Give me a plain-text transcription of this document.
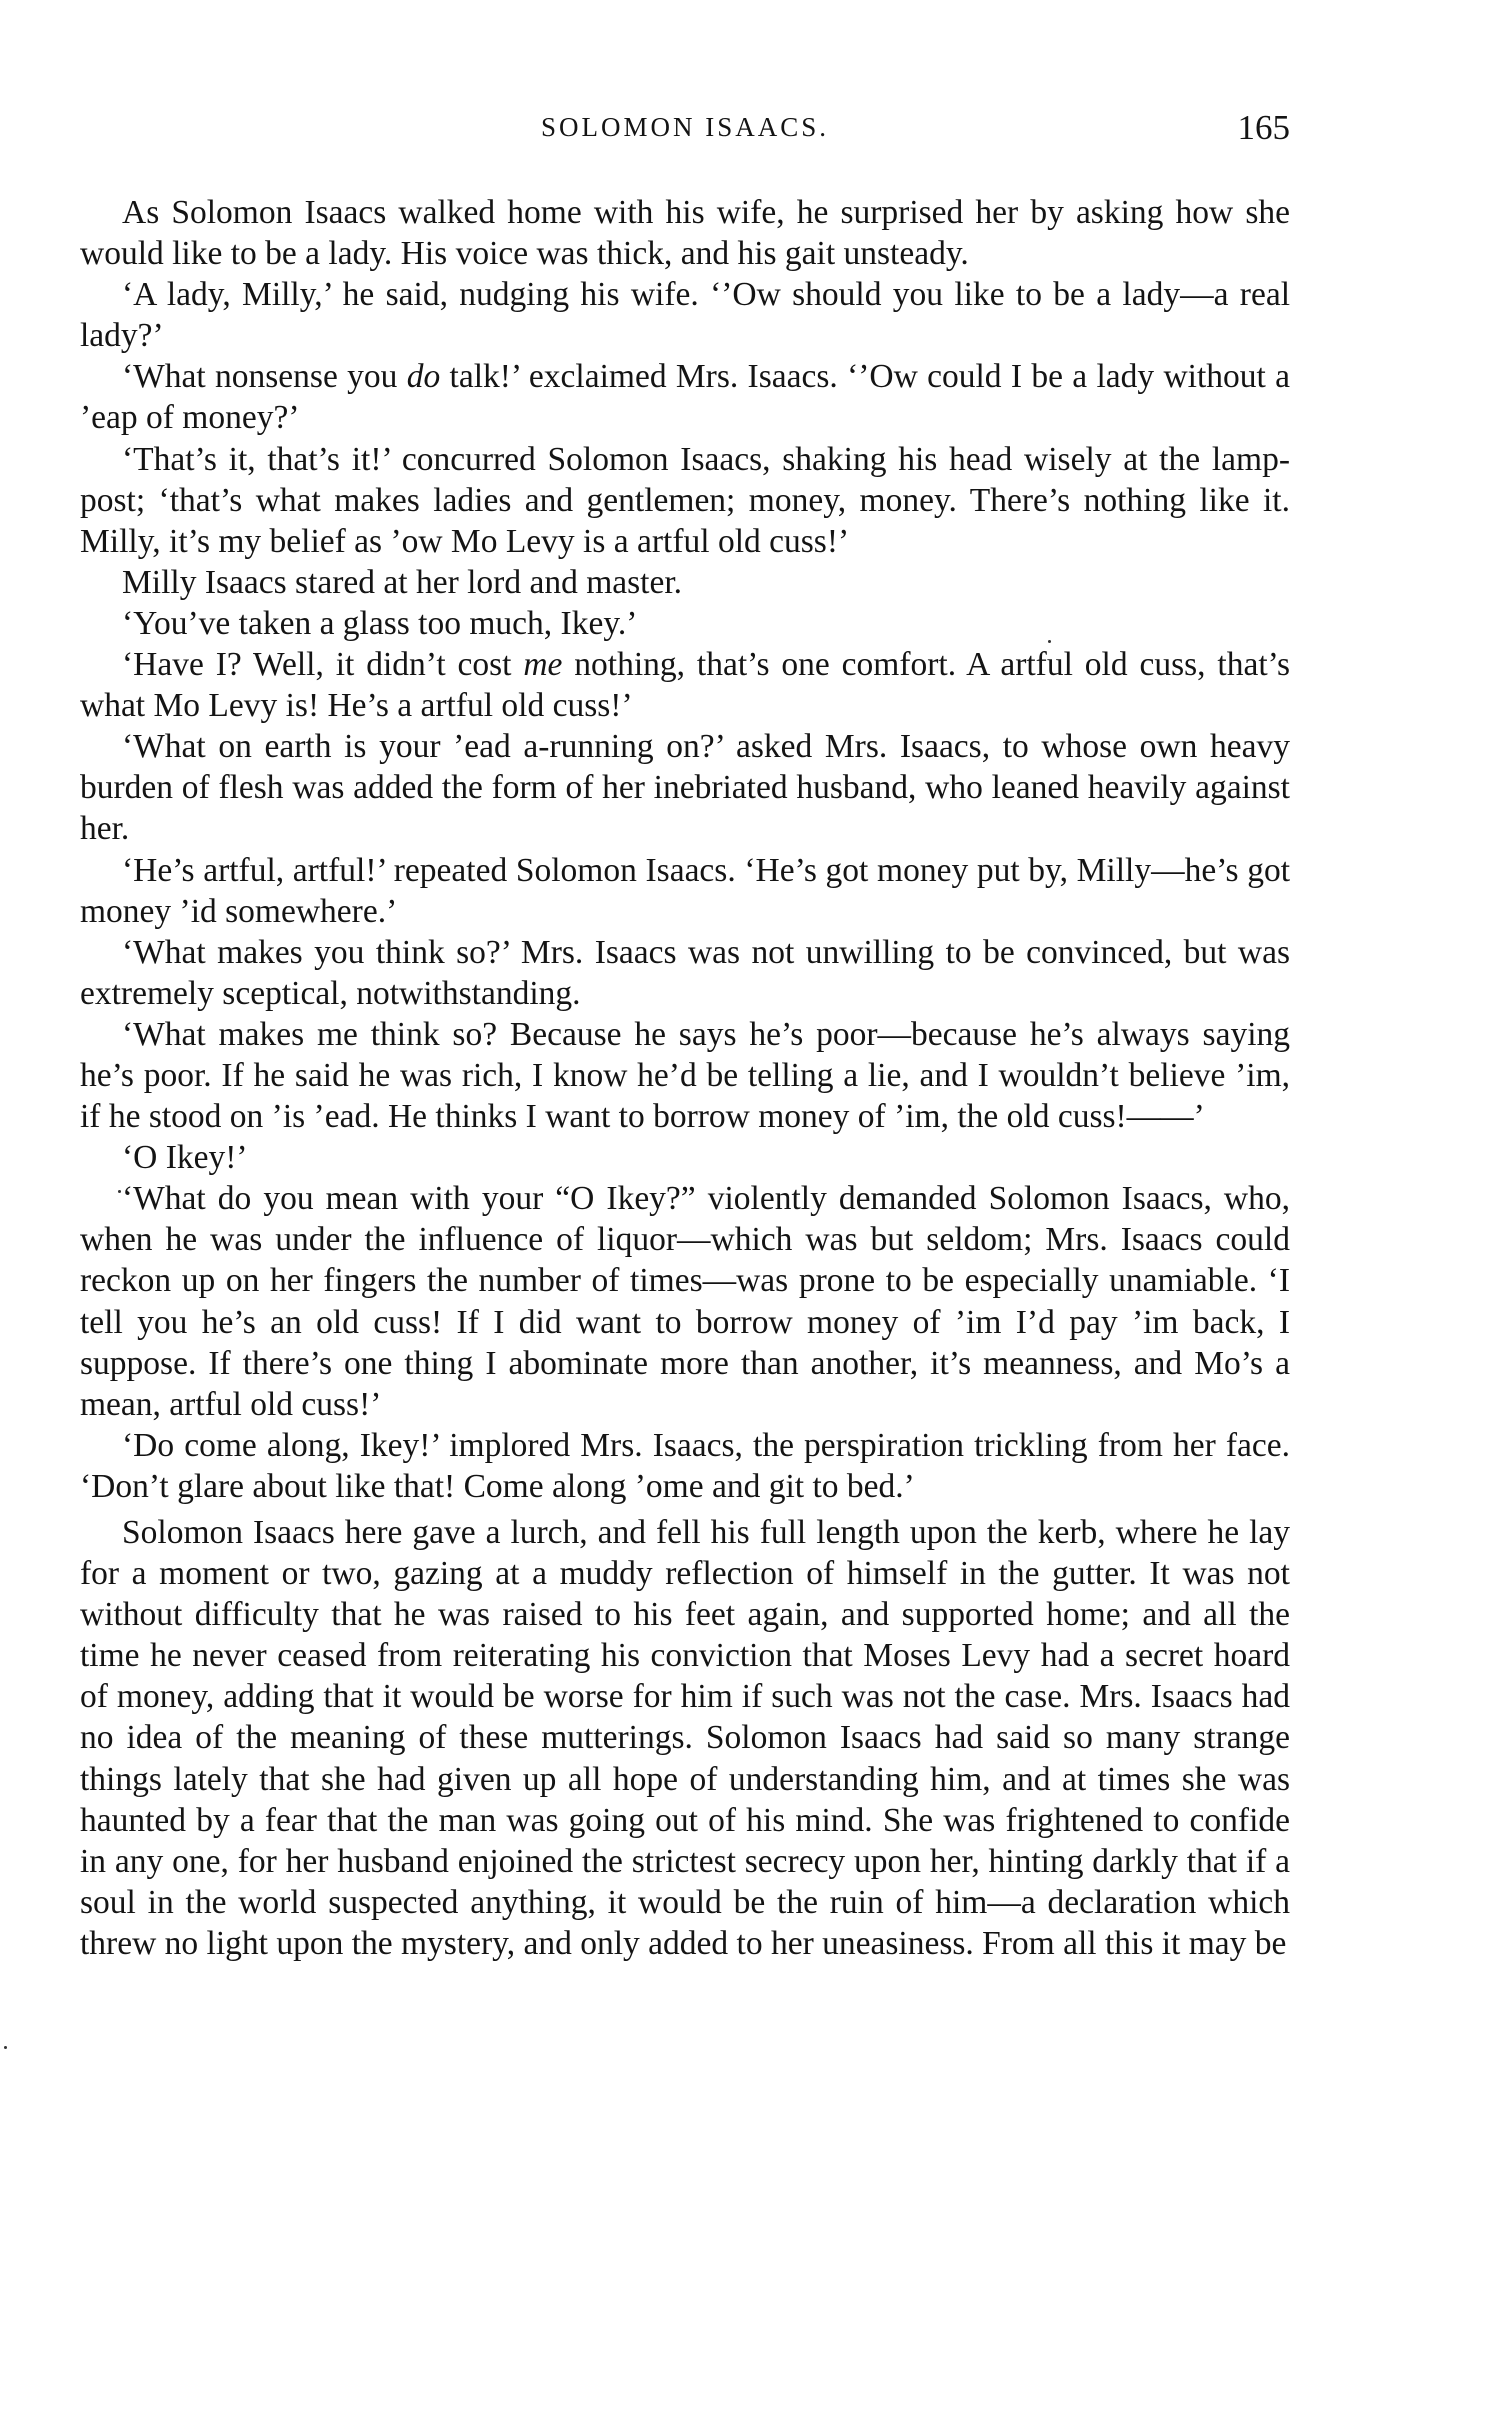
SOLOMON ISAACS.	165

As Solomon Isaacs walked home with his wife, he surprised her by asking how she would like to be a lady. His voice was thick, and his gait unsteady.

‘A lady, Milly,’ he said, nudging his wife. ‘’Ow should you like to be a lady—a real lady?’

‘What nonsense you do talk!’ exclaimed Mrs. Isaacs. ‘’Ow could I be a lady without a ’eap of money?’

‘That’s it, that’s it!’ concurred Solomon Isaacs, shaking his head wisely at the lamp-post; ‘that’s what makes ladies and gentlemen; money, money. There’s nothing like it. Milly, it’s my belief as ’ow Mo Levy is a artful old cuss!’

Milly Isaacs stared at her lord and master.

‘You’ve taken a glass too much, Ikey.’

‘Have I? Well, it didn’t cost me nothing, that’s one comfort. A artful old cuss, that’s what Mo Levy is! He’s a artful old cuss!’

‘What on earth is your ’ead a-running on?’ asked Mrs. Isaacs, to whose own heavy burden of flesh was added the form of her inebriated husband, who leaned heavily against her.

‘He’s artful, artful!’ repeated Solomon Isaacs. ‘He’s got money put by, Milly—he’s got money ’id somewhere.’

‘What makes you think so?’ Mrs. Isaacs was not unwilling to be convinced, but was extremely sceptical, notwithstanding.

‘What makes me think so? Because he says he’s poor—because he’s always saying he’s poor. If he said he was rich, I know he’d be telling a lie, and I wouldn’t believe ’im, if he stood on ’is ’ead. He thinks I want to borrow money of ’im, the old cuss!——’

‘O Ikey!’

‘What do you mean with your “O Ikey?” violently demanded Solomon Isaacs, who, when he was under the influence of liquor—which was but seldom; Mrs. Isaacs could reckon up on her fingers the number of times—was prone to be especially unamiable. ‘I tell you he’s an old cuss! If I did want to borrow money of ’im I’d pay ’im back, I suppose. If there’s one thing I abominate more than another, it’s meanness, and Mo’s a mean, artful old cuss!’

‘Do come along, Ikey!’ implored Mrs. Isaacs, the perspiration trickling from her face. ‘Don’t glare about like that! Come along ’ome and git to bed.’

Solomon Isaacs here gave a lurch, and fell his full length upon the kerb, where he lay for a moment or two, gazing at a muddy reflection of himself in the gutter. It was not without difficulty that he was raised to his feet again, and supported home; and all the time he never ceased from reiterating his conviction that Moses Levy had a secret hoard of money, adding that it would be worse for him if such was not the case. Mrs. Isaacs had no idea of the meaning of these mutterings. Solomon Isaacs had said so many strange things lately that she had given up all hope of understanding him, and at times she was haunted by a fear that the man was going out of his mind. She was frightened to confide in any one, for her husband enjoined the strictest secrecy upon her, hinting darkly that if a soul in the world suspected anything, it would be the ruin of him—a declaration which threw no light upon the mystery, and only added to her uneasiness. From all this it may be
